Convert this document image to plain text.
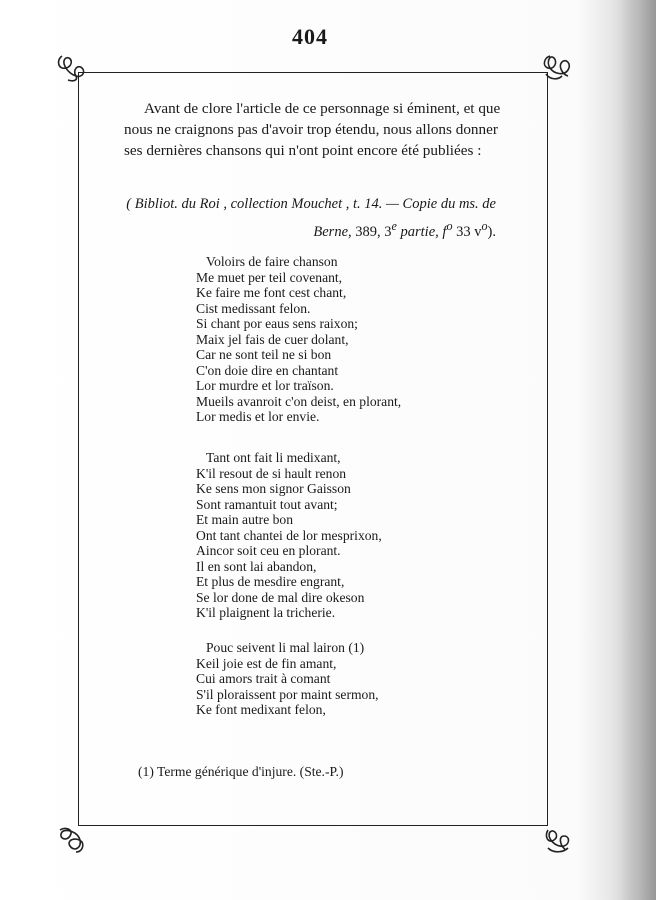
404
Avant de clore l'article de ce personnage si éminent, et que
nous ne craignons pas d'avoir trop étendu, nous allons donner
ses dernières chansons qui n'ont point encore été publiées :
( Bibliot. du Roi , collection Mouchet , t. 14. — Copie du ms. de
Berne, 389, 3e partie, $f^o$ 33 $v^o$).
Voloirs de faire chanson
Me muet per teil covenant,
Ke faire me font cest chant,
Cist medissant felon.
Si chant por eaus sens raixon;
Maix jel fais de cuer dolant,
Car ne sont teil ne si bon
C'on doie dire en chantant
Lor murdre et lor traïson.
Mueils avanroit c'on deist, en plorant,
Lor medis et lor envie.
Tant ont fait li medixant,
K'il resout de si hault renon
Ke sens mon signor Gaisson
Sont ramantuit tout avant;
Et main autre bon
Ont tant chantei de lor mesprixon,
Aincor soit ceu en plorant.
Il en sont lai abandon,
Et plus de mesdire engrant,
Se lor done de mal dire okeson
K'il plaignent la tricherie.
Pouc seivent li mal lairon (1)
Keil joie est de fin amant,
Cui amors trait à comant
S'il ploraissent por maint sermon,
Ke font medixant felon,
(1) Terme générique d'injure. (Ste.-P.)
